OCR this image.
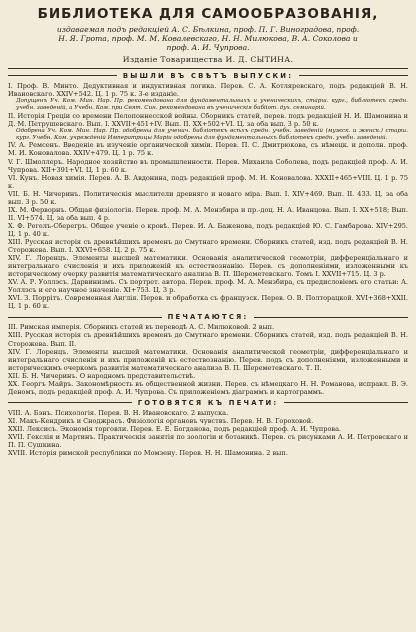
БИБЛИОТЕКА ДЛЯ САМООБРАЗОВАНІЯ,
издаваемая подъ редакціей А. С. Бѣлкина, проф. П. Г. Виноградова, проф.
Н. Я. Грота, проф. М. М. Ковалевскаго, Н. Н. Милюкова, В. А. Соколова и
проф. А. И. Чупрова.
Изданіе Товарищества И. Д. СЫТИНА.
ВЫШЛИ ВЪ СВѢТЪ ВЫПУСКИ:

I. Проф. В. Минто. Дедуктивная и индуктивная логика. Перев. С. А. Котляревскаго, подъ редакціей В. Н. Ивановскаго. XXIV+542. Ц. 1 р. 75 к. 3-е изданіе.

Допущенъ Уч. Ком. Мин. Нар. Пр. рекомендована для фундаментальныхъ и ученическихъ, старш. кург., библіотекъ средн. учебн. заведеній, а Учебн. Ком. при Свят. Син. рекомендована въ ученическія бибііот. дух. семинарій.

II. Исторія Греціи со времени Пелопоннесской войны. Сборникъ статей, перев. подъ редакціей Н. И. Шамонина и Д. М. Петрушевскаго. Вып. I. XXVII+451+IV. Вып. II. XX+502+VI. Ц. за оба вып. 3 р. 50 к.

Одобрена Уч. Ком. Мин. Нар. Пр. одобрены для ученич. библіотекъ всѣхъ средн. учебн. заведеній (мужск. и женск.) старш. кург. Учебн. Ком. учрежденій Императрицы Маріи одобрены для фундаментальныхъ библіотекъ средн. учебн. заведеній.

IV. А. Ремсенъ. Введеніе въ изученіе органической химіи. Перев. П. С. Дмитрюкова, съ нѣмецк. и дополн. проф. М. И. Коновалова. XXIV+479. Ц. 1 р. 75 к.

V. Г. Шмоллеръ. Народное хозяйство въ промышленности. Перев. Михаила Соболева, подъ редакціей проф. А. И. Чупрова. XII+391+VI. Ц. 1 р. 60 к.

VI. Кунъ. Новая химія. Перев. А. В. Авдонина, подъ редакціей проф. М. И. Коновалова. XXXII+465+VIII. Ц. 1 р. 75 к.

VII. Б. Н. Чичеринъ. Политическія мыслители древняго и новаго міра. Вып. I. XIV+469. Вып. II. 433. Ц. за оба вып. 3 р. 50 к.

IX. М. Ферворнъ. Общая физіологія. Перев. проф. М. А. Мензбира и пр.-доц. Н. А. Иванцова. Вып. I. XX+518; Вып. II. VI+574. Ц. за оба вып. 4 р.

X. Ф. Регелъ-Сберегръ. Общее ученіе о кровѣ. Перев. И. А. Баженова, подъ редакціей Ю. С. Гамбарова. XIV+295. Ц. 1 р. 40 к.

XIII. Русская исторія съ древнѣйшихъ временъ до Смутнаго времени. Сборникъ статей, изд. подъ редакціей В. Н. Сторожева. Вып. I. XXVI+658. Ц. 2 р. 75 к.

XIV. Г. Лоренцъ. Элементы высшей математики. Основанія аналитической геометріи, дифференціальнаго и интегральнаго счисленія и ихъ приложеній къ естествознанію. Перев. съ дополненіями, изложенными къ историческому очерку развитія математическаго анализа В. П. Шереметевскаго. Томъ I. XXVII+715. Ц. 3 р.

XV. А. Р. Уоллэсъ. Дарвинизмъ. Съ портрет. автора. Перев. проф. М. А. Мензбира, съ предисловіемъ его статьи: А. Уоллэсъ и его научное значеніе. XI+753. Ц. 3 р.

XVI. З. Поррітъ. Современная Англія. Перев. и обработка съ французск. Перев. О. В. Полторацкой. XVI+368+XXII. Ц. 1 р. 60 к.

ПЕЧАТАЮТСЯ:

III. Римская имперія. Сборникъ статей въ переводѣ А. С. Милюковой. 2 вып.

XIII. Русская исторія съ древнѣйшихъ временъ до Смутнаго времени. Сборникъ статей, изд. подъ редакціей В. Н. Сторожева. Вып. II.

XIV. Г. Лоренцъ. Элементы высшей математики. Основанія аналитической геометріи, дифференціальнаго и интегральнаго счисленія и ихъ приложеній къ естествознанію. Перев. подъ съ дополненіями, изложенными и историческимъ очеркомъ развитія математическаго анализа В. П. Шереметевскаго. Т. II.

XII. Б. Н. Чичеринъ. О народномъ представительствѣ.

XX. Георгъ Майръ. Закономѣрность въ общественной жизни. Перев. съ нѣмецкаго Н. Н. Романова, исправл. В. Э. Деномъ, подъ редакціей проф. А. И. Чупрова. Съ приложеніемъ діаграммъ и картограммъ.

ГОТОВЯТСЯ КЪ ПЕЧАТИ:

VIII. А. Бэнъ. Психологія. Перев. В. Н. Ивановскаго. 2 выпуска.

XI. Макъ-Кендрикъ и Сноджрасъ. Физіологія органовъ чувствъ. Перев. Н. В. Гороховой.

XXII. Лексисъ. Экономія торговли. Перев. Е. Е. Богданова, подъ редакціей проф. А. И. Чупрова.

XVII. Гекслія и Мартинъ. Практическія занятія по зоологіи и ботаникѣ. Перев. съ рисунками А. И. Петровскаго и П. П. Сушкина.

XVIII. Исторія римской республики по Момзену. Перев. Н. Н. Шамонина. 2 вып.
